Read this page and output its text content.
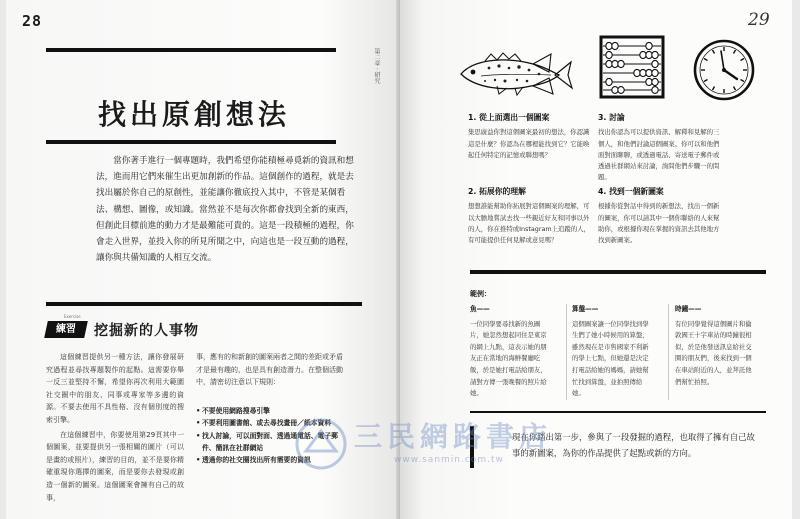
28
第二章 · 研究
找出原創想法

當你著手進行一個專題時，我們希望你能積極尋覓新的資訊和想法，進而用它們來催生出更加創新的作品。這個創作的過程，就是去找出屬於你自己的原創性，並能讓你徹底投入其中，不管是某個看法、構想、圖像，或知識。當然並不是每次你都會找到全新的東西，但創此目標前進的動力才是最難能可貴的。這是一段積極的過程，你會走入世界，並投入你的所見所聞之中，向這也是一段互動的過程，讓你與共備知識的人相互交流。

Exercise
練習	挖掘新的人事物

這個練習提供另一種方法，讓你發展研究過程並尋找專題製作的起點。這需要你舉一反三並堅持不懈，希望你再次利用大範圍社交圈中的朋友、同事或專家等多邊的資源。不要去使用不具性格、沒有個別度的搜索引擎。

在這個練習中，你要使用第29頁其中一個圖案，並要提供另一張相關的圖片（可以是畫的或照片），練習的目的，並不是要你精確重現你選擇的圖案，而是要你去發現或創造一個新的圖案。這個圖案會擁有自己的故事，

事，應有的和新創的圖案兩者之間的差距或矛盾才是最有趣的，也是具有創造潛力。在整個活動中，請密切注意以下規則：

• 不要使用網路搜尋引擎
• 不要利用圖書館、或去尋找畫冊／紙本資料
• 找人討論，可以面對面、透過通電話、電子郵件、簡訊在社群網站
• 透過你的社交圈找出所有需要的資訊
29
1. 從上面選出一個圖案

集思廣益你對這個圖案最初的想法，你認識這是什麼？你認為在哪裡能找到它？它能喚起任何特定的記憶或聯想嗎？

2. 拓展你的理解

想想誰能幫助你拓展對這個圖案的理解，可以大膽地嘗試去找一些親近好友和同事以外的人，你在推特或Instagram上追蹤的人，有可能提供任何見解或意見嗎？

3. 討論

找出你認為可以提供資訊、解釋和見解的三個人，和他們討論這個圖案。你可以和他們面對面聊聊，或透過電話、寄送電子郵件或透過社群網站來討論，詢問他們步驟一的問題。

4. 找到一個新圖案

根據你從對話中得到的新想法，找出一個新的圖案，你可以請其中一個你聯絡的人來幫助你，或根據你現在掌握的資訊去其他地方找到新圖案。

範例：
魚——

一位同學要尋找新的魚圖片，她忽然想起同住是東京的網上九點，這表示她的朋友正在當地的海鮮餐廳吃飯，於是她打電話給朋友，請對方傳一張晚餐的照片給她。

算盤——

這個圖案讓一位同學找到學生們了她小時候用的算盤，雖然現在是市售國家不利新的學上七點，但她還是決定打電話給她的媽媽，請她幫忙找到算盤，並拍照傳給她。

時鐘——

有位同學覺得這個圖片和倫敦國王十字車站的時鐘很相似，於是他發送訊息給社交圈的朋友們，後來找到一個在車站附近的人，並拜託他們幫忙拍照。

現在你踏出第一步，參與了一段發掘的過程，也取得了擁有自己故事的新圖案，為你的作品提供了起點或新的方向。

三民網路書店
www.sanmin.com.tw
